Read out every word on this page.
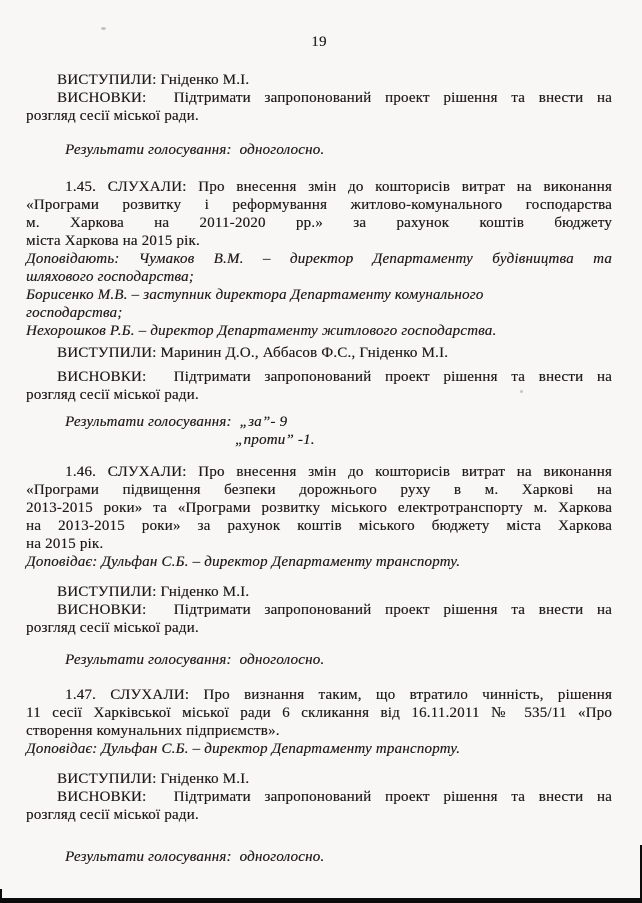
19
ВИСТУПИЛИ: Гніденко М.І.
ВИСНОВКИ:  Підтримати запропонований проект рішення та внести на
розгляд сесії міської ради.
Результати голосування:  одноголосно.
1.45. СЛУХАЛИ: Про внесення змін до кошторисів витрат на виконання
«Програми розвитку і реформування житлово-комунального господарства
м. Харкова на 2011-2020 рр.» за рахунок коштів бюджету
міста Харкова на 2015 рік.
Доповідають: Чумаков В.М. – директор Департаменту будівництва та
шляхового господарства;
Борисенко М.В. – заступник директора Департаменту комунального
господарства;
Нехорошков Р.Б. – директор Департаменту житлового господарства.
ВИСТУПИЛИ: Маринин Д.О., Аббасов Ф.С., Гніденко М.І.
ВИСНОВКИ:  Підтримати запропонований проект рішення та внести на
розгляд сесії міської ради.
Результати голосування:  „за”- 9
„проти” -1.
1.46. СЛУХАЛИ: Про внесення змін до кошторисів витрат на виконання
«Програми підвищення безпеки дорожнього руху в м. Харкові на
2013-2015 роки» та «Програми розвитку міського електротранспорту м. Харкова
на 2013-2015 роки» за рахунок коштів міського бюджету міста Харкова
на 2015 рік.
Доповідає: Дульфан С.Б. – директор Департаменту транспорту.
ВИСТУПИЛИ: Гніденко М.І.
ВИСНОВКИ:  Підтримати запропонований проект рішення та внести на
розгляд сесії міської ради.
Результати голосування:  одноголосно.
1.47. СЛУХАЛИ: Про визнання таким, що втратило чинність, рішення
11 сесії Харківської міської ради 6 скликання від 16.11.2011 № 535/11 «Про
створення комунальних підприємств».
Доповідає: Дульфан С.Б. – директор Департаменту транспорту.
ВИСТУПИЛИ: Гніденко М.І.
ВИСНОВКИ:  Підтримати запропонований проект рішення та внести на
розгляд сесії міської ради.
Результати голосування:  одноголосно.
